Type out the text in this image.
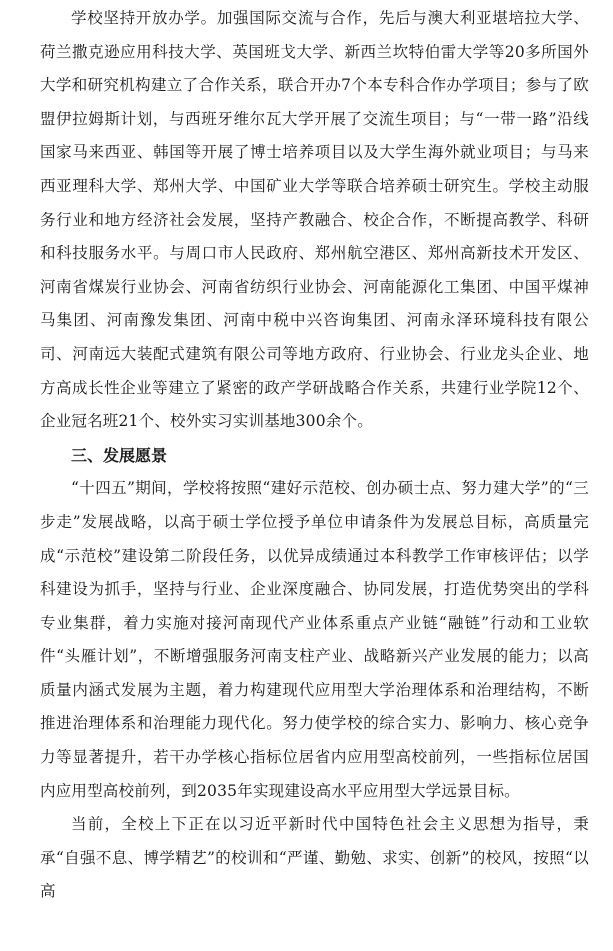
学校坚持开放办学。加强国际交流与合作，先后与澳大利亚堪培拉大学、荷兰撒克逊应用科技大学、英国班戈大学、新西兰坎特伯雷大学等20多所国外大学和研究机构建立了合作关系，联合开办7个本专科合作办学项目；参与了欧盟伊拉姆斯计划，与西班牙维尔瓦大学开展了交流生项目；与“一带一路”沿线国家马来西亚、韩国等开展了博士培养项目以及大学生海外就业项目；与马来西亚理科大学、郑州大学、中国矿业大学等联合培养硕士研究生。学校主动服务行业和地方经济社会发展，坚持产教融合、校企合作，不断提高教学、科研和科技服务水平。与周口市人民政府、郑州航空港区、郑州高新技术开发区、河南省煤炭行业协会、河南省纺织行业协会、河南能源化工集团、中国平煤神马集团、河南豫发集团、河南中税中兴咨询集团、河南永泽环境科技有限公司、河南远大装配式建筑有限公司等地方政府、行业协会、行业龙头企业、地方高成长性企业等建立了紧密的政产学研战略合作关系，共建行业学院12个、企业冠名班21个、校外实习实训基地300余个。

三、发展愿景

“十四五”期间，学校将按照“建好示范校、创办硕士点、努力建大学”的“三步走”发展战略，以高于硕士学位授予单位申请条件为发展总目标，高质量完成“示范校”建设第二阶段任务，以优异成绩通过本科教学工作审核评估；以学科建设为抓手，坚持与行业、企业深度融合、协同发展，打造优势突出的学科专业集群，着力实施对接河南现代产业体系重点产业链“融链”行动和工业软件“头雁计划”，不断增强服务河南支柱产业、战略新兴产业发展的能力；以高质量内涵式发展为主题，着力构建现代应用型大学治理体系和治理结构，不断推进治理体系和治理能力现代化。努力使学校的综合实力、影响力、核心竞争力等显著提升，若干办学核心指标位居省内应用型高校前列，一些指标位居国内应用型高校前列，到2035年实现建设高水平应用型大学远景目标。

当前，全校上下正在以习近平新时代中国特色社会主义思想为指导，秉承“自强不息、博学精艺”的校训和“严谨、勤勉、求实、创新”的校风，按照“以高
